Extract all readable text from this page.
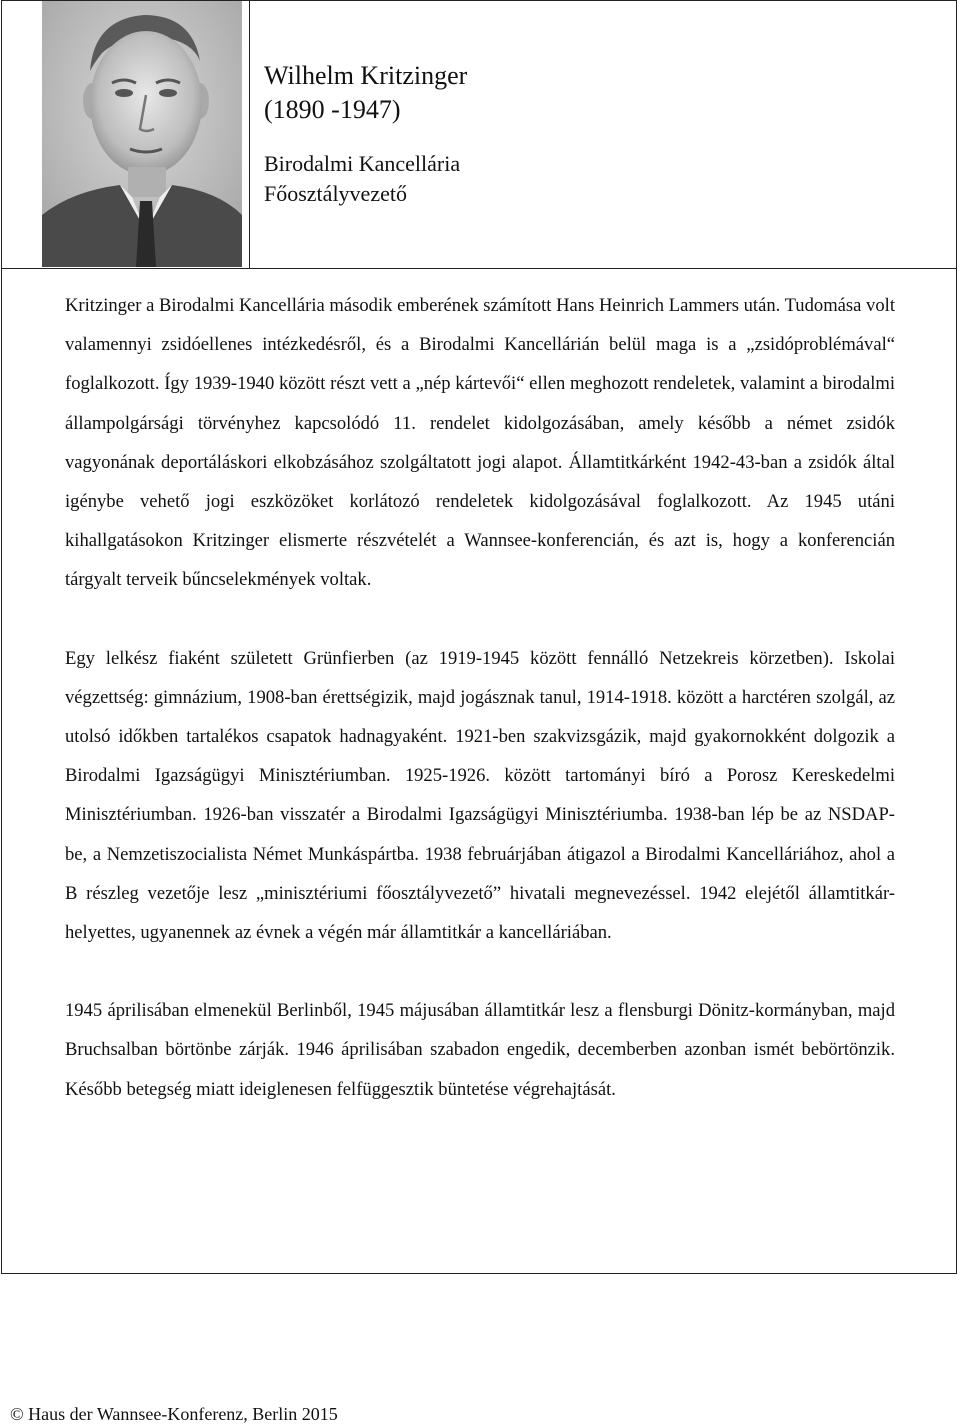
Wilhelm Kritzinger
(1890 -1947)
Birodalmi Kancellária
Főosztályvezető

Kritzinger a Birodalmi Kancellária második emberének számított Hans Heinrich Lammers után. Tudomása volt valamennyi zsidóellenes intézkedésről, és a Birodalmi Kancellárián belül maga is a „zsidóproblémával“ foglalkozott. Így 1939-1940 között részt vett a „nép kártevői“ ellen meghozott rendeletek, valamint a birodalmi állampolgársági törvényhez kapcsolódó 11. rendelet kidolgozásában, amely később a német zsidók vagyonának deportáláskori elkobzásához szolgáltatott jogi alapot. Államtitkárként 1942-43-ban a zsidók által igénybe vehető jogi eszközöket korlátozó rendeletek kidolgozásával foglalkozott. Az 1945 utáni kihallgatásokon Kritzinger elismerte részvételét a Wannsee-konferencián, és azt is, hogy a konferencián tárgyalt terveik bűncselekmények voltak.

Egy lelkész fiaként született Grünfierben (az 1919-1945 között fennálló Netzekreis körzetben). Iskolai végzettség: gimnázium, 1908-ban érettségizik, majd jogásznak tanul, 1914-1918. között a harctéren szolgál, az utolsó időkben tartalékos csapatok hadnagyaként. 1921-ben szakvizsgázik, majd gyakornokként dolgozik a Birodalmi Igazságügyi Minisztériumban. 1925-1926. között tartományi bíró a Porosz Kereskedelmi Minisztériumban. 1926-ban visszatér a Birodalmi Igazságügyi Minisztériumba. 1938-ban lép be az NSDAP-be, a Nemzetiszocialista Német Munkáspártba. 1938 februárjában átigazol a Birodalmi Kancelláriához, ahol a B részleg vezetője lesz „minisztériumi főosztályvezető” hivatali megnevezéssel. 1942 elejétől államtitkár-helyettes, ugyanennek az évnek a végén már államtitkár a kancelláriában.

1945 áprilisában elmenekül Berlinből, 1945 májusában államtitkár lesz a flensburgi Dönitz-kormányban, majd Bruchsalban börtönbe zárják. 1946 áprilisában szabadon engedik, decemberben azonban ismét bebörtönzik. Később betegség miatt ideiglenesen felfüggesztik büntetése végrehajtását.

© Haus der Wannsee-Konferenz, Berlin 2015
